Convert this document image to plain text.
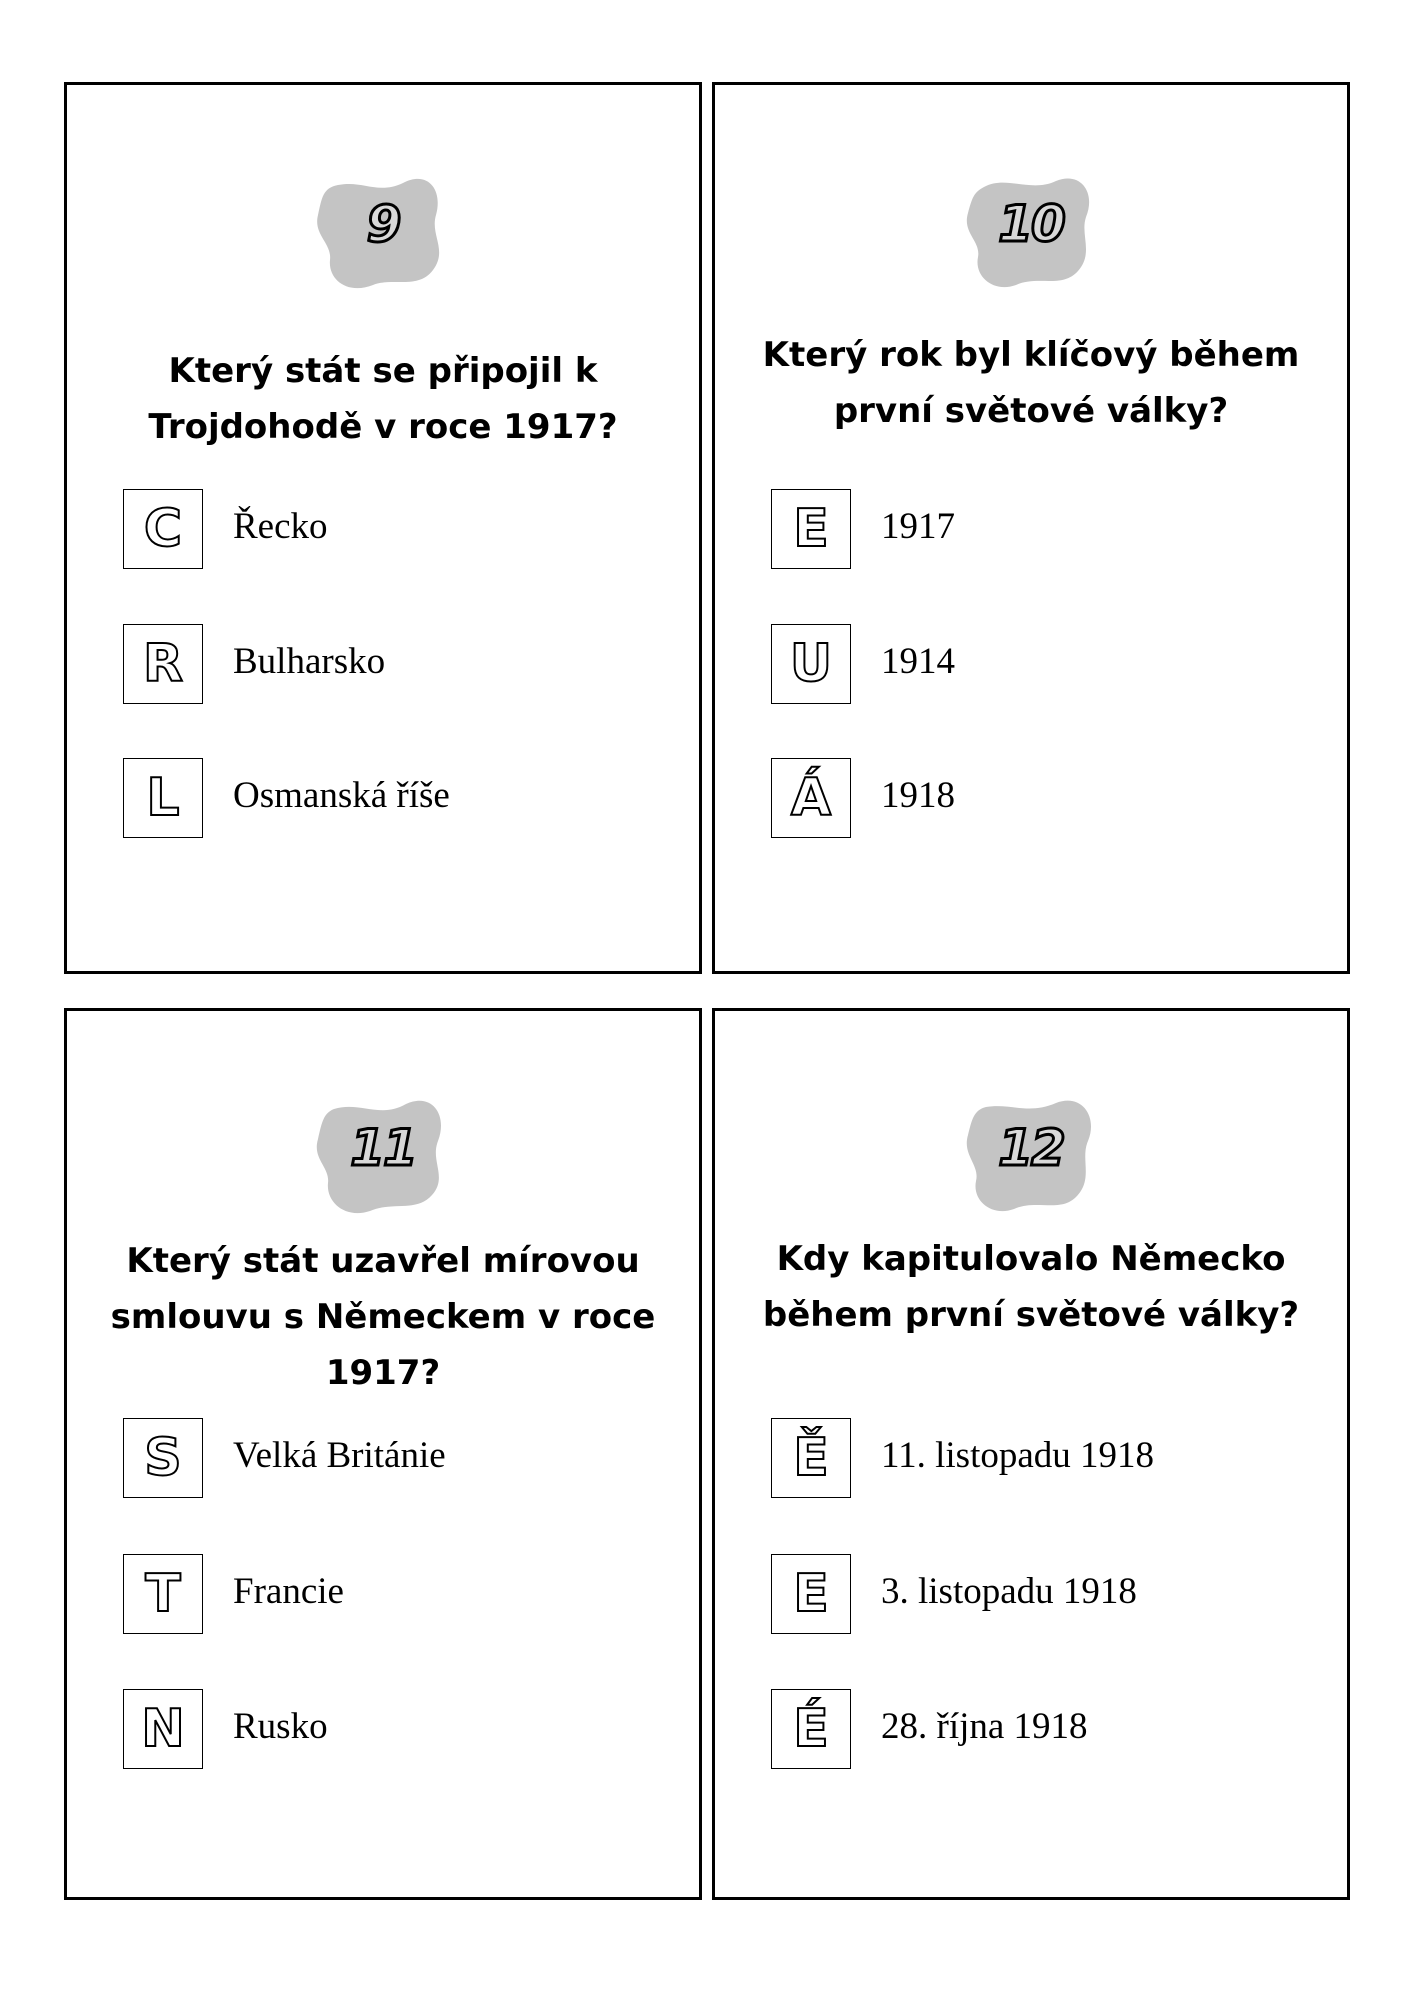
9
Který stát se připojil k
Trojdohodě v roce 1917?
C	Řecko
R	Bulharsko
L	Osmanská říše
10
Který rok byl klíčový během
první světové války?
E	1917
U	1914
Á	1918
11
Který stát uzavřel mírovou
smlouvu s Německem v roce
1917?
S	Velká Británie
T	Francie
N	Rusko
12
Kdy kapitulovalo Německo
během první světové války?
Ě	11. listopadu 1918
E	3. listopadu 1918
É	28. října 1918
